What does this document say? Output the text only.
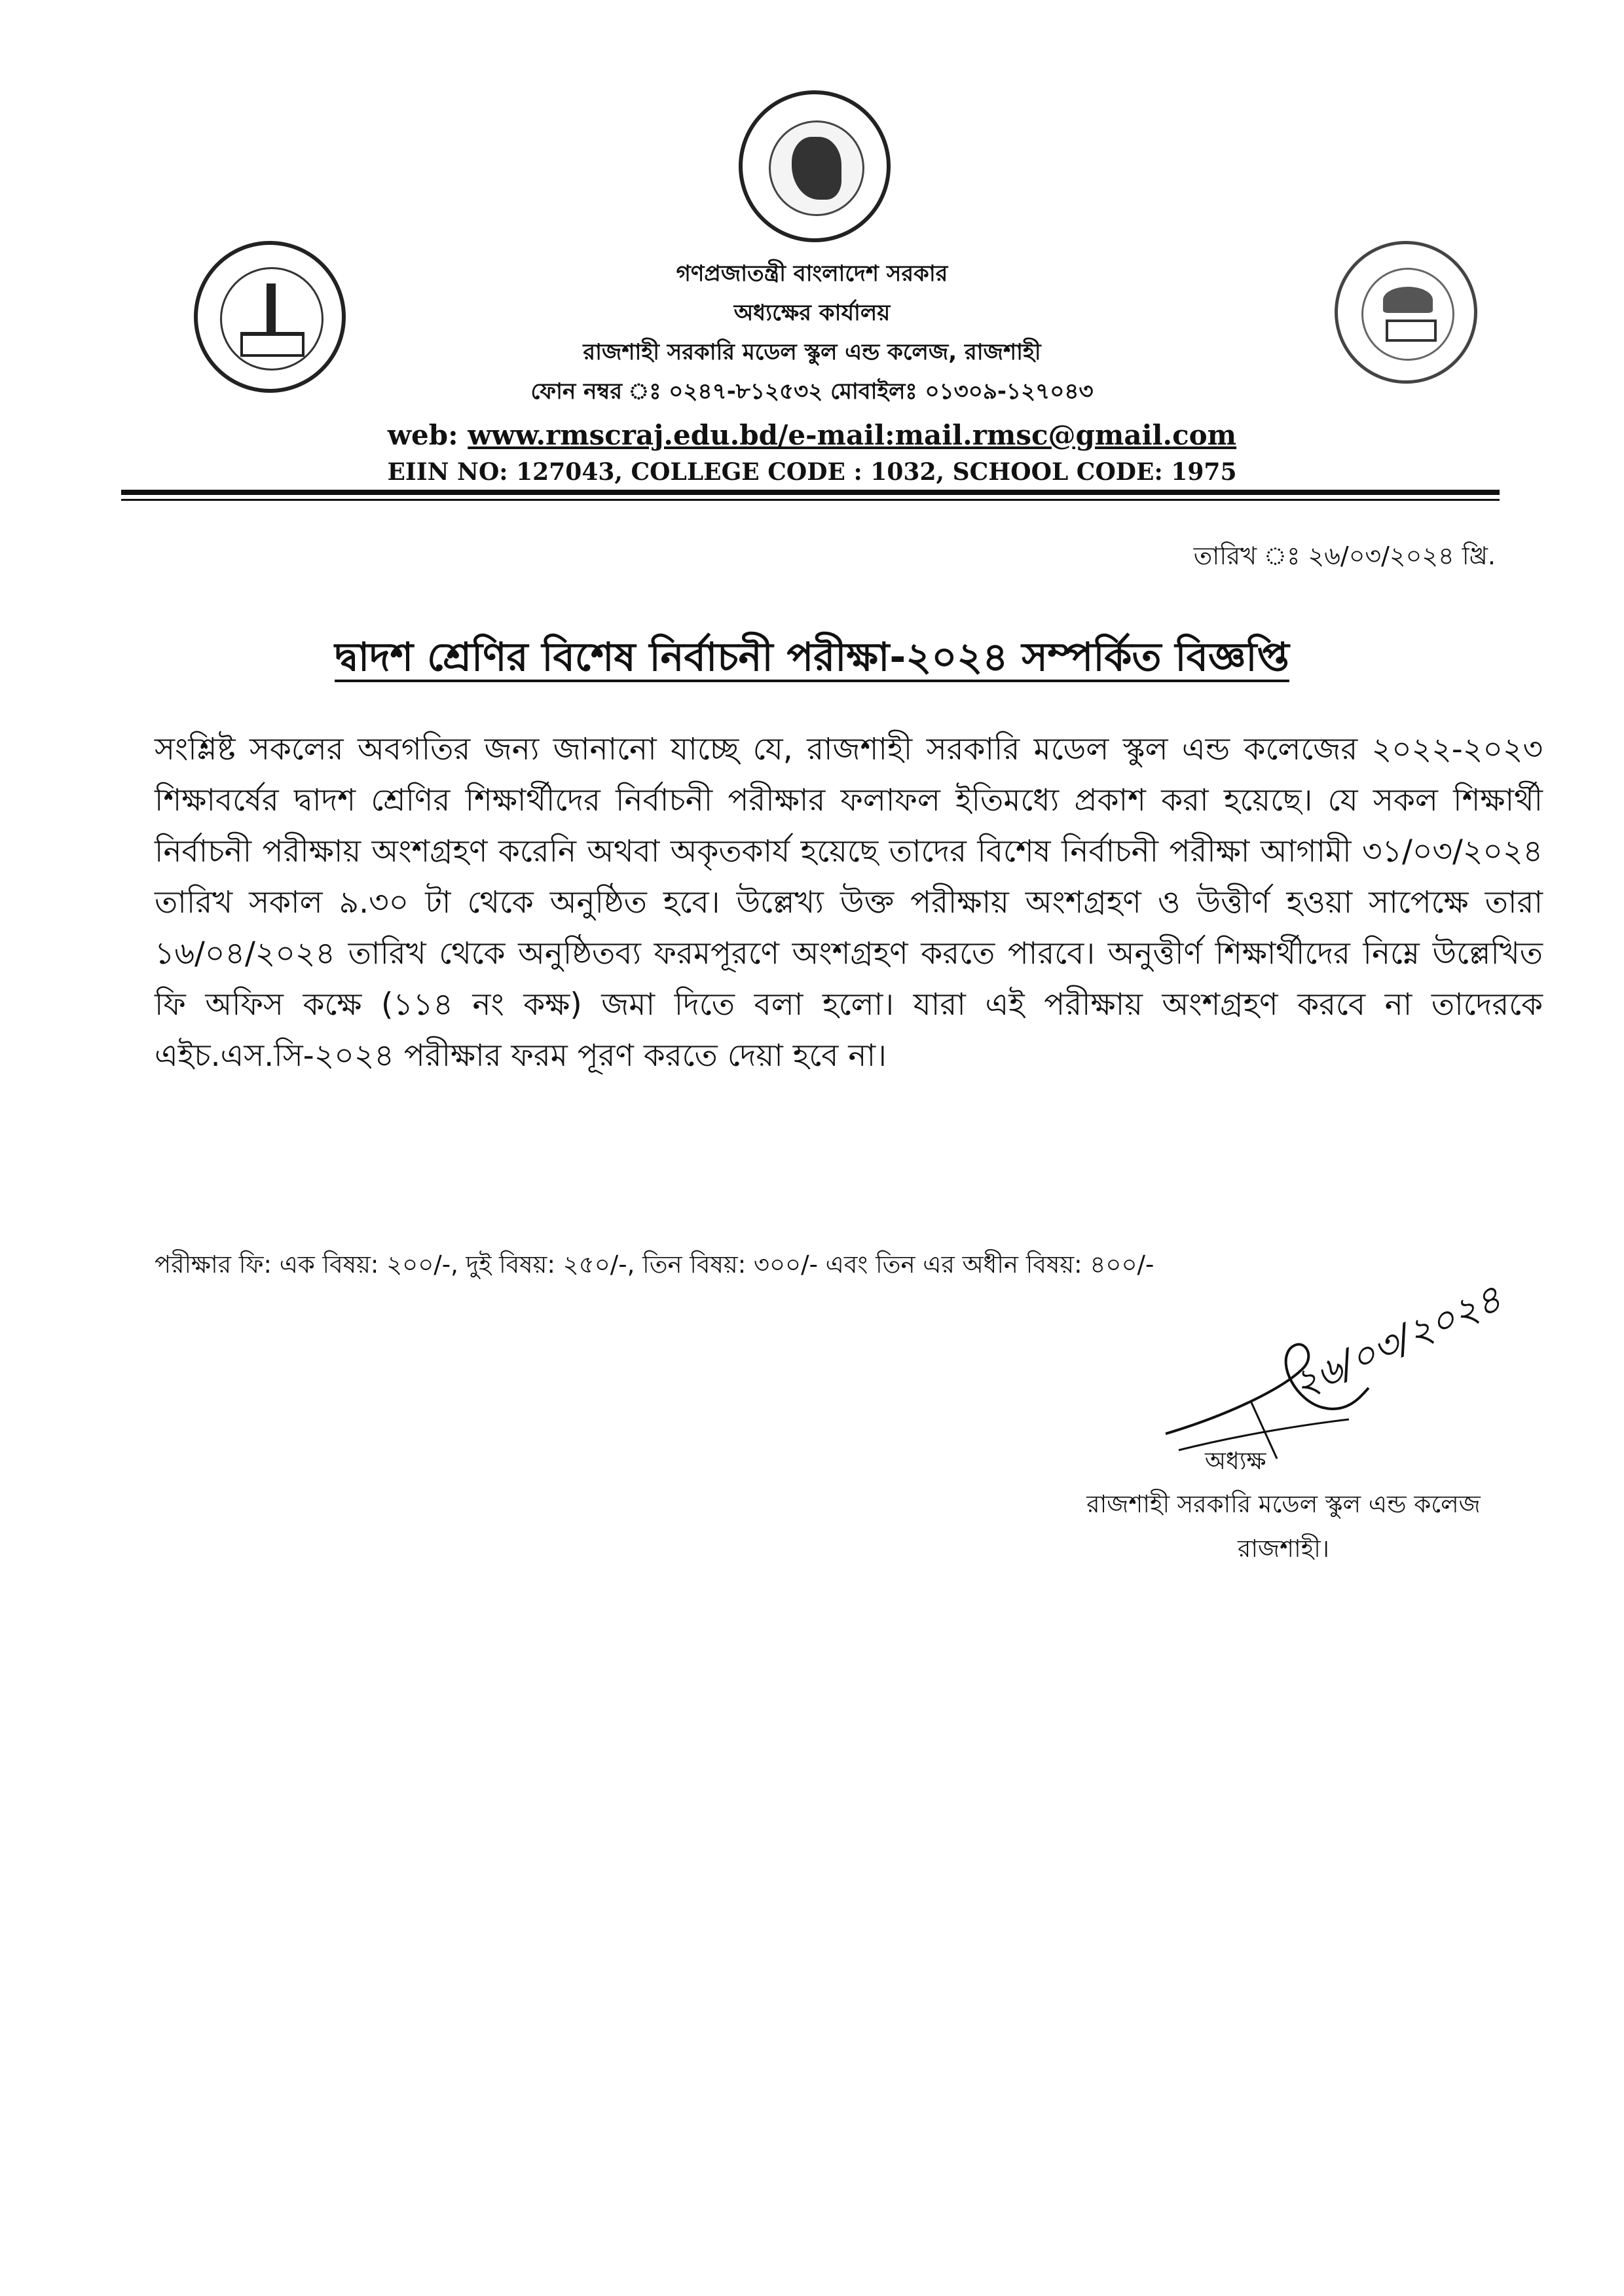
গণপ্রজাতন্ত্রী বাংলাদেশ সরকার
অধ্যক্ষের কার্যালয়
রাজশাহী সরকারি মডেল স্কুল এন্ড কলেজ, রাজশাহী
ফোন নম্বর ঃ ০২৪৭-৮১২৫৩২ মোবাইলঃ ০১৩০৯-১২৭০৪৩
web: www.rmscraj.edu.bd/e-mail:mail.rmsc@gmail.com
EIIN NO: 127043, COLLEGE CODE : 1032, SCHOOL CODE: 1975
তারিখ ঃ ২৬/০৩/২০২৪ খ্রি.
দ্বাদশ শ্রেণির বিশেষ নির্বাচনী পরীক্ষা-২০২৪ সম্পর্কিত বিজ্ঞপ্তি
সংশ্লিষ্ট সকলের অবগতির জন্য জানানো যাচ্ছে যে, রাজশাহী সরকারি মডেল স্কুল এন্ড কলেজের ২০২২-২০২৩ শিক্ষাবর্ষের দ্বাদশ শ্রেণির শিক্ষার্থীদের নির্বাচনী পরীক্ষার ফলাফল ইতিমধ্যে প্রকাশ করা হয়েছে। যে সকল শিক্ষার্থী নির্বাচনী পরীক্ষায় অংশগ্রহণ করেনি অথবা অকৃতকার্য হয়েছে তাদের বিশেষ নির্বাচনী পরীক্ষা আগামী ৩১/০৩/২০২৪ তারিখ সকাল ৯.৩০ টা থেকে অনুষ্ঠিত হবে। উল্লেখ্য উক্ত পরীক্ষায় অংশগ্রহণ ও উত্তীর্ণ হওয়া সাপেক্ষে তারা ১৬/০৪/২০২৪ তারিখ থেকে অনুষ্ঠিতব্য ফরমপূরণে অংশগ্রহণ করতে পারবে। অনুত্তীর্ণ শিক্ষার্থীদের নিম্নে উল্লেখিত ফি অফিস কক্ষে (১১৪ নং কক্ষ) জমা দিতে বলা হলো। যারা এই পরীক্ষায় অংশগ্রহণ করবে না তাদেরকে এইচ.এস.সি-২০২৪ পরীক্ষার ফরম পূরণ করতে দেয়া হবে না।
পরীক্ষার ফি: এক বিষয়: ২০০/-, দুই বিষয়: ২৫০/-, তিন বিষয়: ৩০০/- এবং তিন এর অধীন বিষয়: ৪০০/-
২৬/০৩/২০২৪
অধ্যক্ষ
রাজশাহী সরকারি মডেল স্কুল এন্ড কলেজ
রাজশাহী।
